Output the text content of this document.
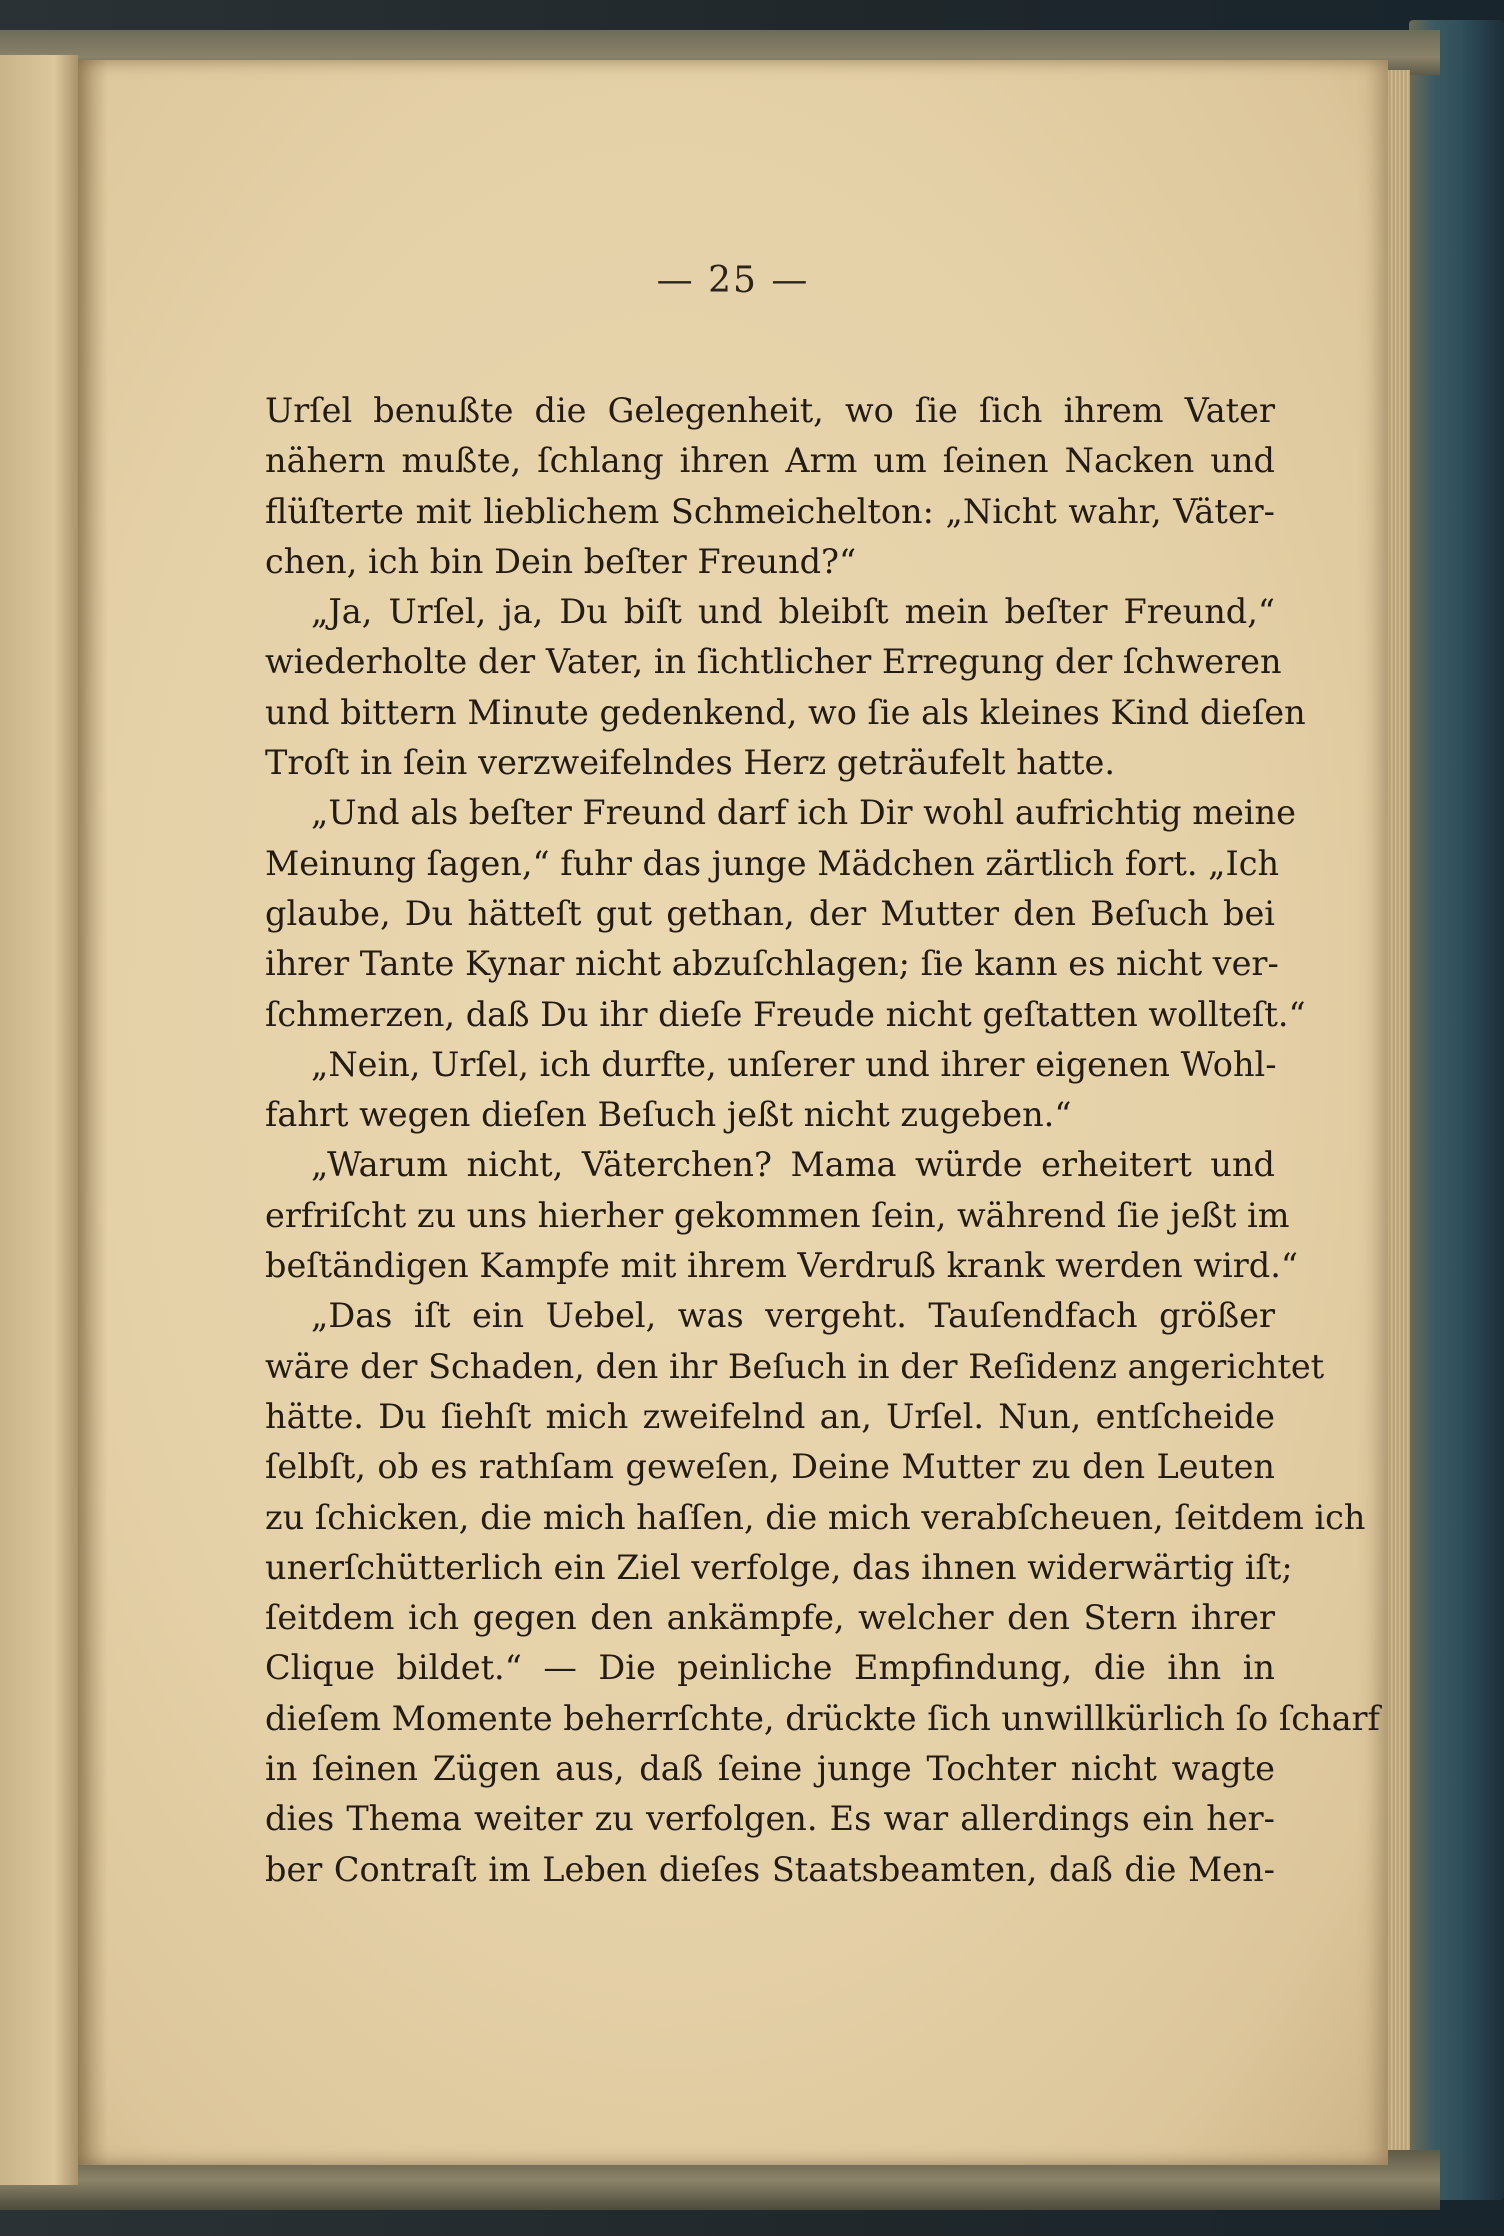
— 25 —
Urſel benußte die Gelegenheit, wo ſie ſich ihrem Vater
nähern mußte, ſchlang ihren Arm um ſeinen Nacken und
flüſterte mit lieblichem Schmeichelton: „Nicht wahr, Väter-
chen, ich bin Dein beſter Freund?“
„Ja, Urſel, ja, Du biſt und bleibſt mein beſter Freund,“
wiederholte der Vater, in ſichtlicher Erregung der ſchweren
und bittern Minute gedenkend, wo ſie als kleines Kind dieſen
Troſt in ſein verzweifelndes Herz geträufelt hatte.
„Und als beſter Freund darf ich Dir wohl aufrichtig meine
Meinung ſagen,“ fuhr das junge Mädchen zärtlich fort. „Ich
glaube, Du hätteſt gut gethan, der Mutter den Beſuch bei
ihrer Tante Kynar nicht abzuſchlagen; ſie kann es nicht ver-
ſchmerzen, daß Du ihr dieſe Freude nicht geſtatten wollteſt.“
„Nein, Urſel, ich durfte, unſerer und ihrer eigenen Wohl-
fahrt wegen dieſen Beſuch jeßt nicht zugeben.“
„Warum nicht, Väterchen? Mama würde erheitert und
erfriſcht zu uns hierher gekommen ſein, während ſie jeßt im
beſtändigen Kampfe mit ihrem Verdruß krank werden wird.“
„Das iſt ein Uebel, was vergeht. Tauſendfach größer
wäre der Schaden, den ihr Beſuch in der Reſidenz angerichtet
hätte. Du ſiehſt mich zweifelnd an, Urſel. Nun, entſcheide
ſelbſt, ob es rathſam geweſen, Deine Mutter zu den Leuten
zu ſchicken, die mich haſſen, die mich verabſcheuen, ſeitdem ich
unerſchütterlich ein Ziel verfolge, das ihnen widerwärtig iſt;
ſeitdem ich gegen den ankämpfe, welcher den Stern ihrer
Clique bildet.“ — Die peinliche Empfindung, die ihn in
dieſem Momente beherrſchte, drückte ſich unwillkürlich ſo ſcharf
in ſeinen Zügen aus, daß ſeine junge Tochter nicht wagte
dies Thema weiter zu verfolgen. Es war allerdings ein her-
ber Contraſt im Leben dieſes Staatsbeamten, daß die Men-
